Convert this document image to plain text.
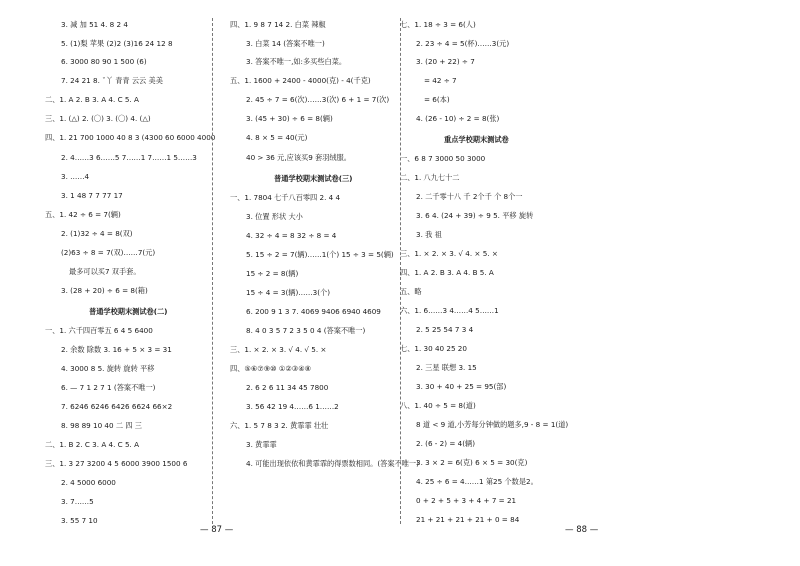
3. 减 加 51 4. 8 2 4
5. (1)梨 苹果 (2)2 (3)16 24 12 8
6. 3000 80 90 1 500 (6)
7. 24 21 8. ˇ丫 青青 云云 美美
二、1. A 2. B 3. A 4. C 5. A
三、1. (△) 2. (〇) 3. (〇) 4. (△)
四、1. 21 700 1000 40 8 3 (4300 60 6000 4000
2. 4……3 6……5 7……1 7……1 5……3
3. ……4
3. 1 48 7 7 77 17
五、1. 42 ÷ 6 = 7(辆)
2. (1)32 ÷ 4 = 8(双)
(2)63 ÷ 8 = 7(双)……7(元)
最多可以买7 双手套。
3. (28 + 20) ÷ 6 = 8(箱)
普通学校期末测试卷(二)
一、1. 六千四百零五 6 4 5 6400
2. 余数 除数 3. 16 + 5 × 3 = 31
4. 3000 8 5. 旋转 旋转 平移
6. — 7 1 2 7 1 (答案不唯一)
7. 6246 6246 6426 6624 66×2
8. 98 89 10 40 二 四 三
二、1. B 2. C 3. A 4. C 5. A
三、1. 3 27 3200 4 5 6000 3900 1500 6
2. 4 5000 6000
3. 7……5
3. 55 7 10
四、1. 9 8 7 14 2. 白菜 辣椒
3. 白菜 14 (答案不唯一)
3. 答案不唯一,如:多买些白菜。
五、1. 1600 + 2400 - 4000(克) - 4(千克)
2. 45 ÷ 7 = 6(次)……3(次) 6 + 1 = 7(次)
3. (45 + 30) ÷ 6 = 8(辆)
4. 8 × 5 = 40(元)
40 > 36 元,应该买9 套羽绒服。
普通学校期末测试卷(三)
一、1. 7804 七千八百零四 2. 4 4
3. 位置 形状 大小
4. 32 ÷ 4 = 8 32 ÷ 8 = 4
5. 15 ÷ 2 = 7(辆)……1(个) 15 ÷ 3 = 5(辆)
15 ÷ 2 = 8(辆)
15 ÷ 4 = 3(辆)……3(个)
6. 200 9 1 3 7. 4069 9406 6940 4609
8. 4 0 3 5 7 2 3 5 0 4 (答案不唯一)
三、1. × 2. × 3. √ 4. √ 5. ×
四、⑤⑥⑦⑨⑩ ①②③④⑧
2. 6 2 6 11 34 45 7800
3. 56 42 19 4……6 1……2
六、1. 5 7 8 3 2. 黄霏霏 壮壮
3. 黄霏霏
4. 可能出现依依和黄霏霏的得票数相同。(答案不唯一)
七、1. 18 ÷ 3 = 6(人)
2. 23 ÷ 4 = 5(杯)……3(元)
3. (20 + 22) ÷ 7
= 42 ÷ 7
= 6(本)
4. (26 - 10) ÷ 2 = 8(张)
重点学校期末测试卷
一、6 8 7 3000 50 3000
二、1. 八九七十二
2. 二千零十八 千 2个千 个 8个一
3. 6 4. (24 + 39) ÷ 9 5. 平移 旋转
3. 我 祖
三、1. × 2. × 3. √ 4. × 5. ×
四、1. A 2. B 3. A 4. B 5. A
五、略
六、1. 6……3 4……4 5……1
2. 5 25 54 7 3 4
七、1. 30 40 25 20
2. 三星 联想 3. 15
3. 30 + 40 + 25 = 95(部)
八、1. 40 ÷ 5 = 8(道)
8 道 < 9 道,小芳每分钟做的题多,9 - 8 = 1(道)
2. (6 - 2) = 4(辆)
3. 3 × 2 = 6(克) 6 × 5 = 30(克)
4. 25 ÷ 6 = 4……1 第25 个数是2。
0 + 2 + 5 + 3 + 4 + 7 = 21
21 + 21 + 21 + 21 + 0 = 84
— 87 —	— 88 —
